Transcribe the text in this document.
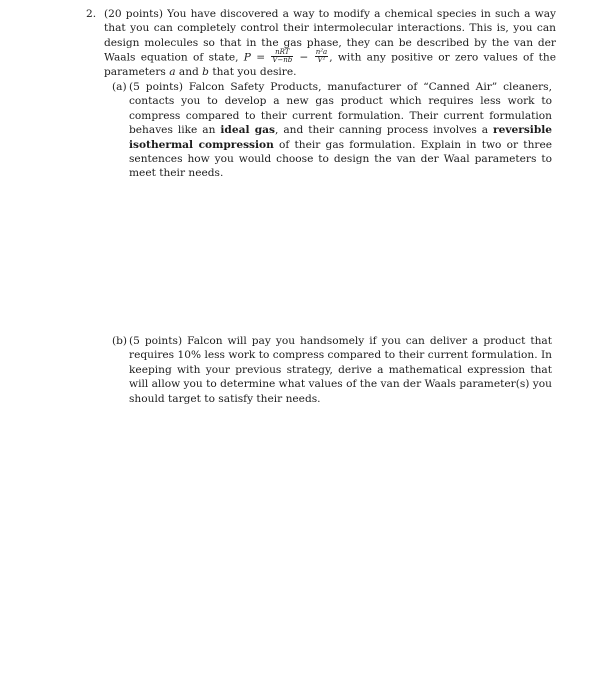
2. (20 points) You have discovered a way to modify a chemical species in such a way that you can completely control their intermolecular interactions. This is, you can design molecules so that in the gas phase, they can be described by the van der Waals equation of state, $P = \frac{\text{nRT}}{V-nb} - \frac{\text{n²a}}{\text{V²}}$ , with any positive or zero values of the parameters a and b that you desire.
(a) (5 points) Falcon Safety Products, manufacturer of “Canned Air” cleaners, contacts you to develop a new gas product which requires less work to compress compared to their current formulation. Their current formulation behaves like an ideal gas, and their canning process involves a reversible isothermal compression of their gas formulation. Explain in two or three sentences how you would choose to design the van der Waal parameters to meet their needs.
(b) (5 points) Falcon will pay you handsomely if you can deliver a product that requires 10% less work to compress compared to their current formulation. In keeping with your previous strategy, derive a mathematical expression that will allow you to determine what values of the van der Waals parameter(s) you should target to satisfy their needs.
